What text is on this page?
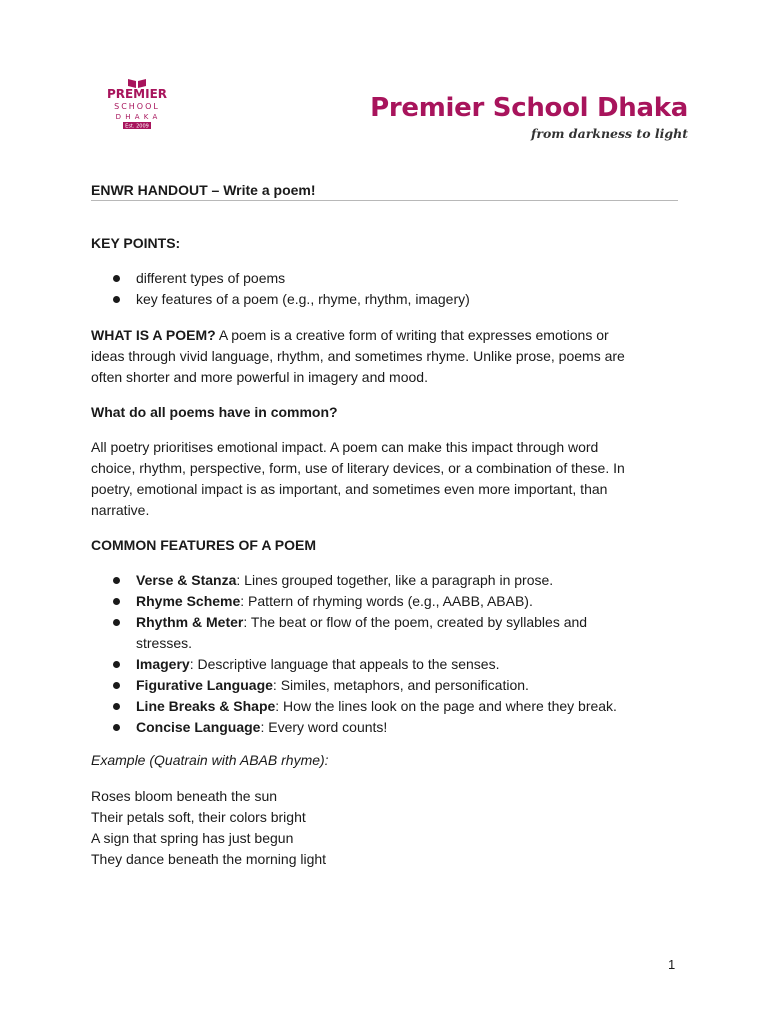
PREMIER
SCHOOL
D H A K A
Est. 2009
Premier School Dhaka
from darkness to light
ENWR HANDOUT – Write a poem!
KEY POINTS:
different types of poems
key features of a poem (e.g., rhyme, rhythm, imagery)
WHAT IS A POEM? A poem is a creative form of writing that expresses emotions or
ideas through vivid language, rhythm, and sometimes rhyme. Unlike prose, poems are
often shorter and more powerful in imagery and mood.
What do all poems have in common?
All poetry prioritises emotional impact. A poem can make this impact through word
choice, rhythm, perspective, form, use of literary devices, or a combination of these. In
poetry, emotional impact is as important, and sometimes even more important, than
narrative.
COMMON FEATURES OF A POEM
Verse & Stanza: Lines grouped together, like a paragraph in prose.
Rhyme Scheme: Pattern of rhyming words (e.g., AABB, ABAB).
Rhythm & Meter: The beat or flow of the poem, created by syllables and
stresses.
Imagery: Descriptive language that appeals to the senses.
Figurative Language: Similes, metaphors, and personification.
Line Breaks & Shape: How the lines look on the page and where they break.
Concise Language: Every word counts!
Example (Quatrain with ABAB rhyme):
Roses bloom beneath the sun
Their petals soft, their colors bright
A sign that spring has just begun
They dance beneath the morning light
1
